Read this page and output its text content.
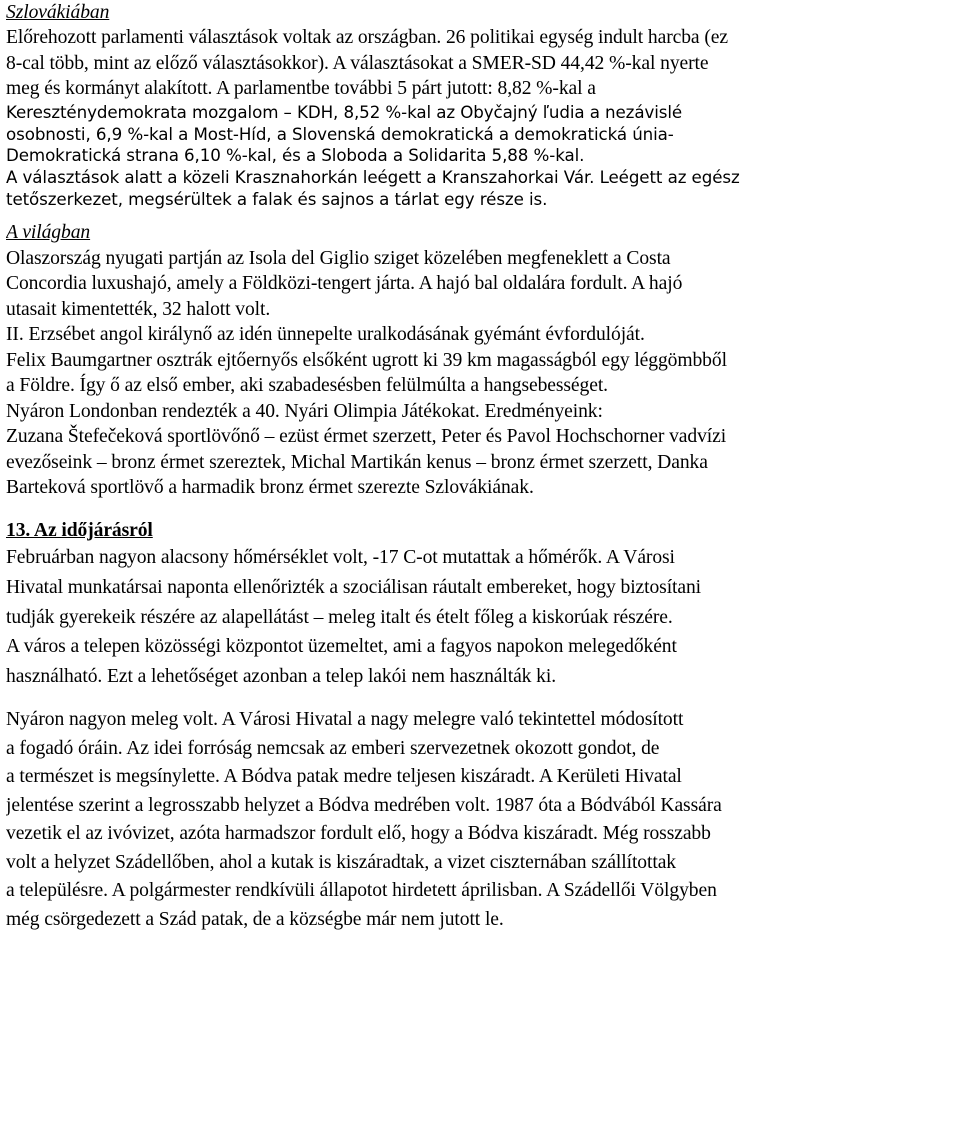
Szlovákiában
Előrehozott parlamenti választások voltak az országban. 26 politikai egység indult harcba (ez
8-cal több, mint az előző választásokkor). A választásokat a SMER-SD 44,42 %-kal nyerte
meg és kormányt alakított. A parlamentbe további 5 párt jutott: 8,82 %-kal a
Kereszténydemokrata mozgalom – KDH, 8,52 %-kal az Obyčajný ľudia a nezávislé
osobnosti, 6,9 %-kal a Most-Híd, a Slovenská demokratická a demokratická únia-
Demokratická strana 6,10 %-kal, és a Sloboda a Solidarita 5,88 %-kal.
A választások alatt a közeli Krasznahorkán leégett a Kranszahorkai Vár. Leégett az egész
tetőszerkezet, megsérültek a falak és sajnos a tárlat egy része is.
A világban
Olaszország nyugati partján az Isola del Giglio sziget közelében megfeneklett a Costa
Concordia luxushajó, amely a Földközi-tengert járta. A hajó bal oldalára fordult. A hajó
utasait kimentették, 32 halott volt.
II. Erzsébet angol királynő az idén ünnepelte uralkodásának gyémánt évfordulóját.
Felix Baumgartner osztrák ejtőernyős elsőként ugrott ki 39 km magasságból egy léggömbből
a Földre. Így ő az első ember, aki szabadesésben felülmúlta a hangsebességet.
Nyáron Londonban rendezték a 40. Nyári Olimpia Játékokat. Eredményeink:
Zuzana Štefečeková sportlövőnő – ezüst érmet szerzett, Peter és Pavol Hochschorner vadvízi
evezőseink – bronz érmet szereztek, Michal Martikán kenus – bronz érmet szerzett, Danka
Barteková sportlövő a harmadik bronz érmet szerezte Szlovákiának.
13. Az időjárásról
Februárban nagyon alacsony hőmérséklet volt, -17 C-ot mutattak a hőmérők. A Városi
Hivatal munkatársai naponta ellenőrizték a szociálisan ráutalt embereket, hogy biztosítani
tudják gyerekeik részére az alapellátást – meleg italt és ételt főleg a kiskorúak részére.
A város a telepen közösségi központot üzemeltet, ami a fagyos napokon melegedőként
használható. Ezt a lehetőséget azonban a telep lakói nem használták ki.
Nyáron nagyon meleg volt. A Városi Hivatal a nagy melegre való tekintettel módosított
a fogadó óráin. Az idei forróság nemcsak az emberi szervezetnek okozott gondot, de
a természet is megsínylette. A Bódva patak medre teljesen kiszáradt. A Kerületi Hivatal
jelentése szerint a legrosszabb helyzet a Bódva medrében volt. 1987 óta a Bódvából Kassára
vezetik el az ivóvizet, azóta harmadszor fordult elő, hogy a Bódva kiszáradt. Még rosszabb
volt a helyzet Szádellőben, ahol a kutak is kiszáradtak, a vizet ciszternában szállítottak
a településre. A polgármester rendkívüli állapotot hirdetett áprilisban. A Szádellői Völgyben
még csörgedezett a Szád patak, de a községbe már nem jutott le.
